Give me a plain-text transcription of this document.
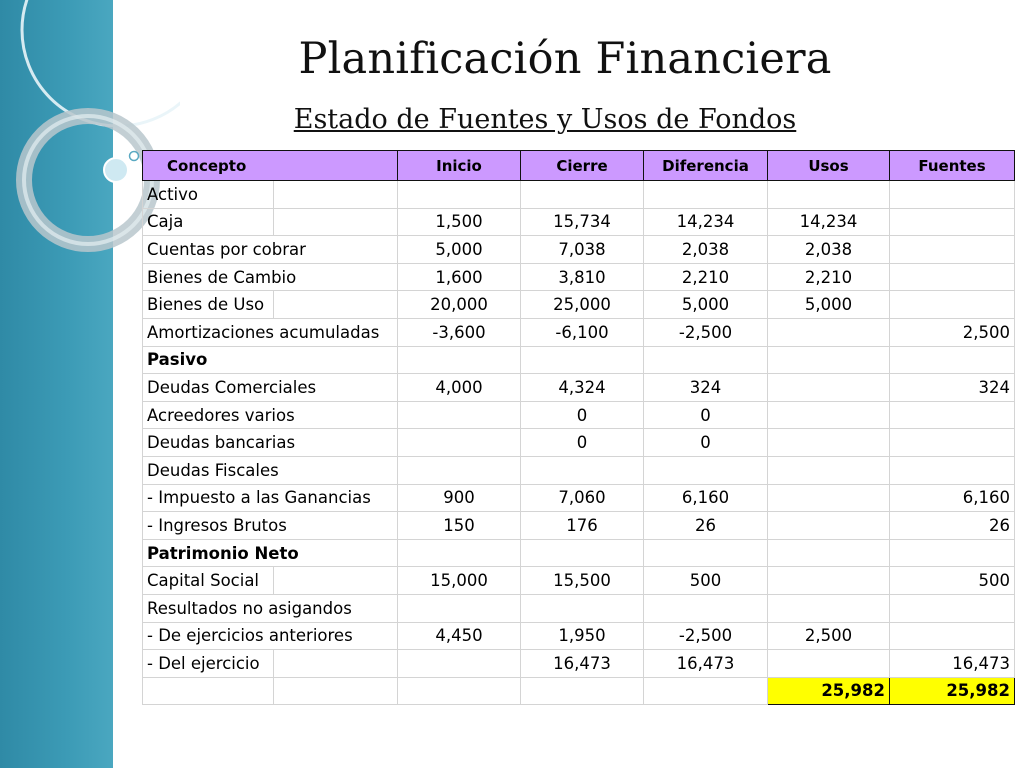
Planificación Financiera
Estado de Fuentes y Usos de Fondos
Concepto		Inicio	Cierre	Diferencia	Usos	Fuentes
Activo						
Caja		1,500	15,734	14,234	14,234	
Cuentas por cobrar		5,000	7,038	2,038	2,038	
Bienes de Cambio		1,600	3,810	2,210	2,210	
Bienes de Uso		20,000	25,000	5,000	5,000	
Amortizaciones acumuladas		-3,600	-6,100	-2,500		2,500
Pasivo						
Deudas Comerciales		4,000	4,324	324		324
Acreedores varios			0	0		
Deudas bancarias			0	0		
Deudas Fiscales						
- Impuesto a las Ganancias		900	7,060	6,160		6,160
- Ingresos Brutos		150	176	26		26
Patrimonio Neto						
Capital Social		15,000	15,500	500		500
Resultados no asigandos						
- De ejercicios anteriores		4,450	1,950	-2,500	2,500	
- Del ejercicio			16,473	16,473		16,473
					25,982	25,982
